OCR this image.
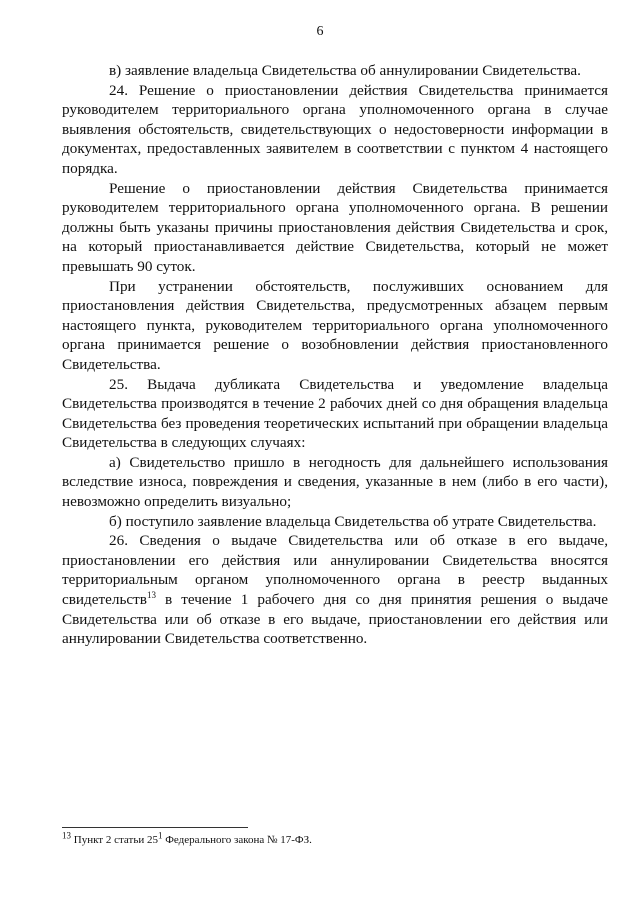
6

в) заявление владельца Свидетельства об аннулировании Свидетельства.

24. Решение о приостановлении действия Свидетельства принимается руководителем территориального органа уполномоченного органа в случае выявления обстоятельств, свидетельствующих о недостоверности информации в документах, предоставленных заявителем в соответствии с пунктом 4 настоящего порядка.

Решение о приостановлении действия Свидетельства принимается руководителем территориального органа уполномоченного органа. В решении должны быть указаны причины приостановления действия Свидетельства и срок, на который приостанавливается действие Свидетельства, который не может превышать 90 суток.

При устранении обстоятельств, послуживших основанием для приостановления действия Свидетельства, предусмотренных абзацем первым настоящего пункта, руководителем территориального органа уполномоченного органа принимается решение о возобновлении действия приостановленного Свидетельства.

25. Выдача дубликата Свидетельства и уведомление владельца Свидетельства производятся в течение 2 рабочих дней со дня обращения владельца Свидетельства без проведения теоретических испытаний при обращении владельца Свидетельства в следующих случаях:

а) Свидетельство пришло в негодность для дальнейшего использования вследствие износа, повреждения и сведения, указанные в нем (либо в его части), невозможно определить визуально;

б) поступило заявление владельца Свидетельства об утрате Свидетельства.

26. Сведения о выдаче Свидетельства или об отказе в его выдаче, приостановлении его действия или аннулировании Свидетельства вносятся территориальным органом уполномоченного органа в реестр выданных свидетельств$^{13}$ в течение 1 рабочего дня со дня принятия решения о выдаче Свидетельства или об отказе в его выдаче, приостановлении его действия или аннулировании Свидетельства соответственно.

$^{13}$ Пункт 2 статьи $25^1$ Федерального закона № 17-ФЗ.
